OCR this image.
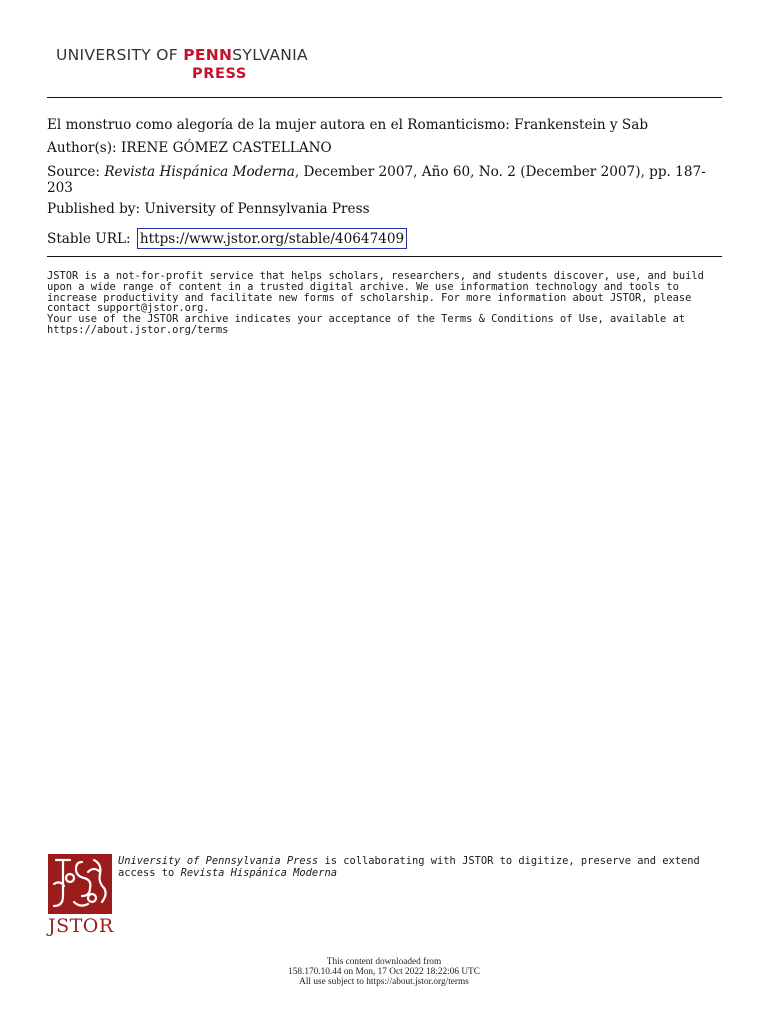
UNIVERSITY OF PENNSYLVANIA
PRESS
El monstruo como alegoría de la mujer autora en el Romanticismo: Frankenstein y Sab
Author(s): IRENE GÓMEZ CASTELLANO
Source: Revista Hispánica Moderna, December 2007, Año 60, No. 2 (December 2007), pp. 187-203
Published by: University of Pennsylvania Press
Stable URL: https://www.jstor.org/stable/40647409
JSTOR is a not-for-profit service that helps scholars, researchers, and students discover, use, and build upon a wide range of content in a trusted digital archive. We use information technology and tools to increase productivity and facilitate new forms of scholarship. For more information about JSTOR, please contact support@jstor.org.
Your use of the JSTOR archive indicates your acceptance of the Terms & Conditions of Use, available at https://about.jstor.org/terms
JSTOR
University of Pennsylvania Press is collaborating with JSTOR to digitize, preserve and extend access to Revista Hispánica Moderna
This content downloaded from
158.170.10.44 on Mon, 17 Oct 2022 18:22:06 UTC
All use subject to https://about.jstor.org/terms
